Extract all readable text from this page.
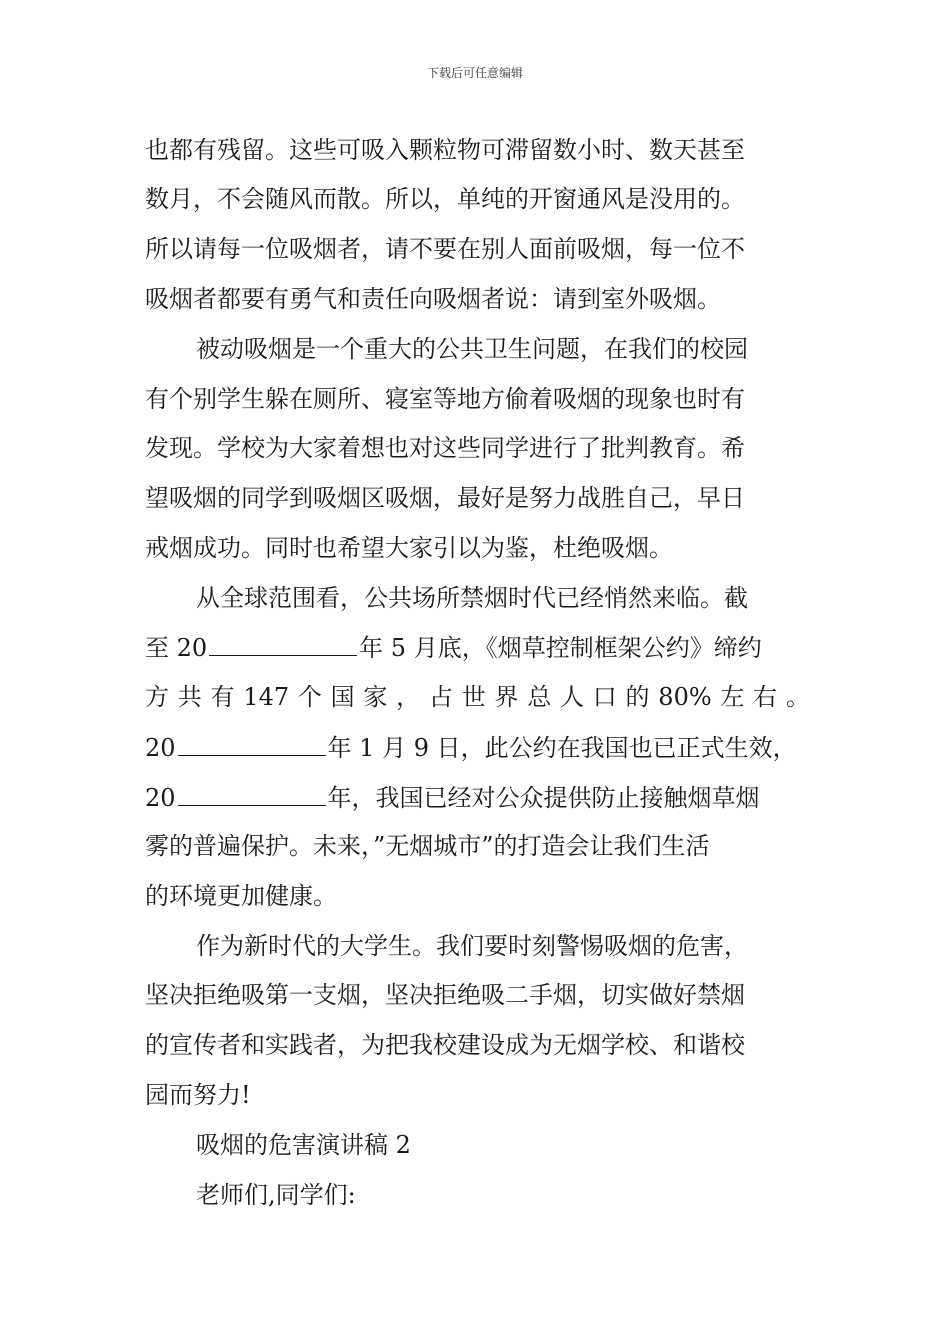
下载后可任意编辑
也都有残留。这些可吸入颗粒物可滞留数小时、数天甚至
数月，不会随风而散。所以，单纯的开窗通风是没用的。
所以请每一位吸烟者，请不要在别人面前吸烟，每一位不
吸烟者都要有勇气和责任向吸烟者说：请到室外吸烟。
被动吸烟是一个重大的公共卫生问题，在我们的校园
有个别学生躲在厕所、寝室等地方偷着吸烟的现象也时有
发现。学校为大家着想也对这些同学进行了批判教育。希
望吸烟的同学到吸烟区吸烟，最好是努力战胜自己，早日
戒烟成功。同时也希望大家引以为鉴，杜绝吸烟。
从全球范围看，公共场所禁烟时代已经悄然来临。截
至 20	年 5 月底，《烟草控制框架公约》缔约
方 共 有 147 个 国 家 ， 占 世 界 总 人 口 的 80% 左 右 。
20	年 1 月 9 日，此公约在我国也已正式生效，
20	年，我国已经对公众提供防止接触烟草烟
雾的普遍保护。未来，”无烟城市”的打造会让我们生活
的环境更加健康。
作为新时代的大学生。我们要时刻警惕吸烟的危害，
坚决拒绝吸第一支烟，坚决拒绝吸二手烟，切实做好禁烟
的宣传者和实践者，为把我校建设成为无烟学校、和谐校
园而努力!
吸烟的危害演讲稿 2
老师们,同学们:
